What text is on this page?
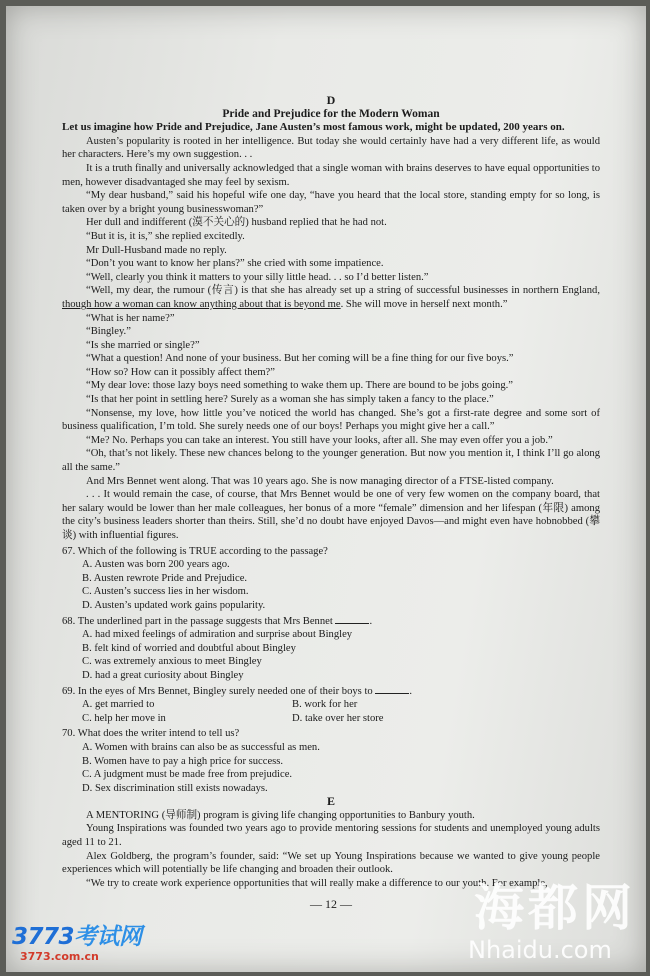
D

Pride and Prejudice for the Modern Woman

Let us imagine how Pride and Prejudice, Jane Austen’s most famous work, might be updated, 200 years on.

Austen’s popularity is rooted in her intelligence. But today she would certainly have had a very different life, as would her characters. Here’s my own suggestion. . .

It is a truth finally and universally acknowledged that a single woman with brains deserves to have equal opportunities to men, however disadvantaged she may feel by sexism.

“My dear husband,” said his hopeful wife one day, “have you heard that the local store, standing empty for so long, is taken over by a bright young businesswoman?”

Her dull and indifferent (漠不关心的) husband replied that he had not.

“But it is, it is,” she replied excitedly.

Mr Dull-Husband made no reply.

“Don’t you want to know her plans?” she cried with some impatience.

“Well, clearly you think it matters to your silly little head. . . so I’d better listen.”

“Well, my dear, the rumour (传言) is that she has already set up a string of successful businesses in northern England, though how a woman can know anything about that is beyond me. She will move in herself next month.”

“What is her name?”

“Bingley.”

“Is she married or single?”

“What a question! And none of your business. But her coming will be a fine thing for our five boys.”

“How so? How can it possibly affect them?”

“My dear love: those lazy boys need something to wake them up. There are bound to be jobs going.”

“Is that her point in settling here? Surely as a woman she has simply taken a fancy to the place.”

“Nonsense, my love, how little you’ve noticed the world has changed. She’s got a first-rate degree and some sort of business qualification, I’m told. She surely needs one of our boys! Perhaps you might give her a call.”

“Me? No. Perhaps you can take an interest. You still have your looks, after all. She may even offer you a job.”

“Oh, that’s not likely. These new chances belong to the younger generation. But now you mention it, I think I’ll go along all the same.”

And Mrs Bennet went along. That was 10 years ago. She is now managing director of a FTSE-listed company.

. . . It would remain the case, of course, that Mrs Bennet would be one of very few women on the company board, that her salary would be lower than her male colleagues, her bonus of a more “female” dimension and her lifespan (年限) among the city’s business leaders shorter than theirs. Still, she’d no doubt have enjoyed Davos—and might even have hobnobbed (攀谈) with influential figures.

67. Which of the following is TRUE according to the passage?

A. Austen was born 200 years ago.
B. Austen rewrote Pride and Prejudice.
C. Austen’s success lies in her wisdom.
D. Austen’s updated work gains popularity.

68. The underlined part in the passage suggests that Mrs Bennet	.

A. had mixed feelings of admiration and surprise about Bingley
B. felt kind of worried and doubtful about Bingley
C. was extremely anxious to meet Bingley
D. had a great curiosity about Bingley

69. In the eyes of Mrs Bennet, Bingley surely needed one of their boys to	.

A. get married to	B. work for her
C. help her move in	D. take over her store

70. What does the writer intend to tell us?

A. Women with brains can also be as successful as men.
B. Women have to pay a high price for success.
C. A judgment must be made free from prejudice.
D. Sex discrimination still exists nowadays.

E

A MENTORING (导师制) program is giving life changing opportunities to Banbury youth.

Young Inspirations was founded two years ago to provide mentoring sessions for students and unemployed young adults aged 11 to 21.

Alex Goldberg, the program’s founder, said: “We set up Young Inspirations because we wanted to give young people experiences which will potentially be life changing and broaden their outlook.

“We try to create work experience opportunities that will really make a difference to our youth. For example,

— 12 —	海都网
Nhaidu.com
3773考试网
3773.com.cn
